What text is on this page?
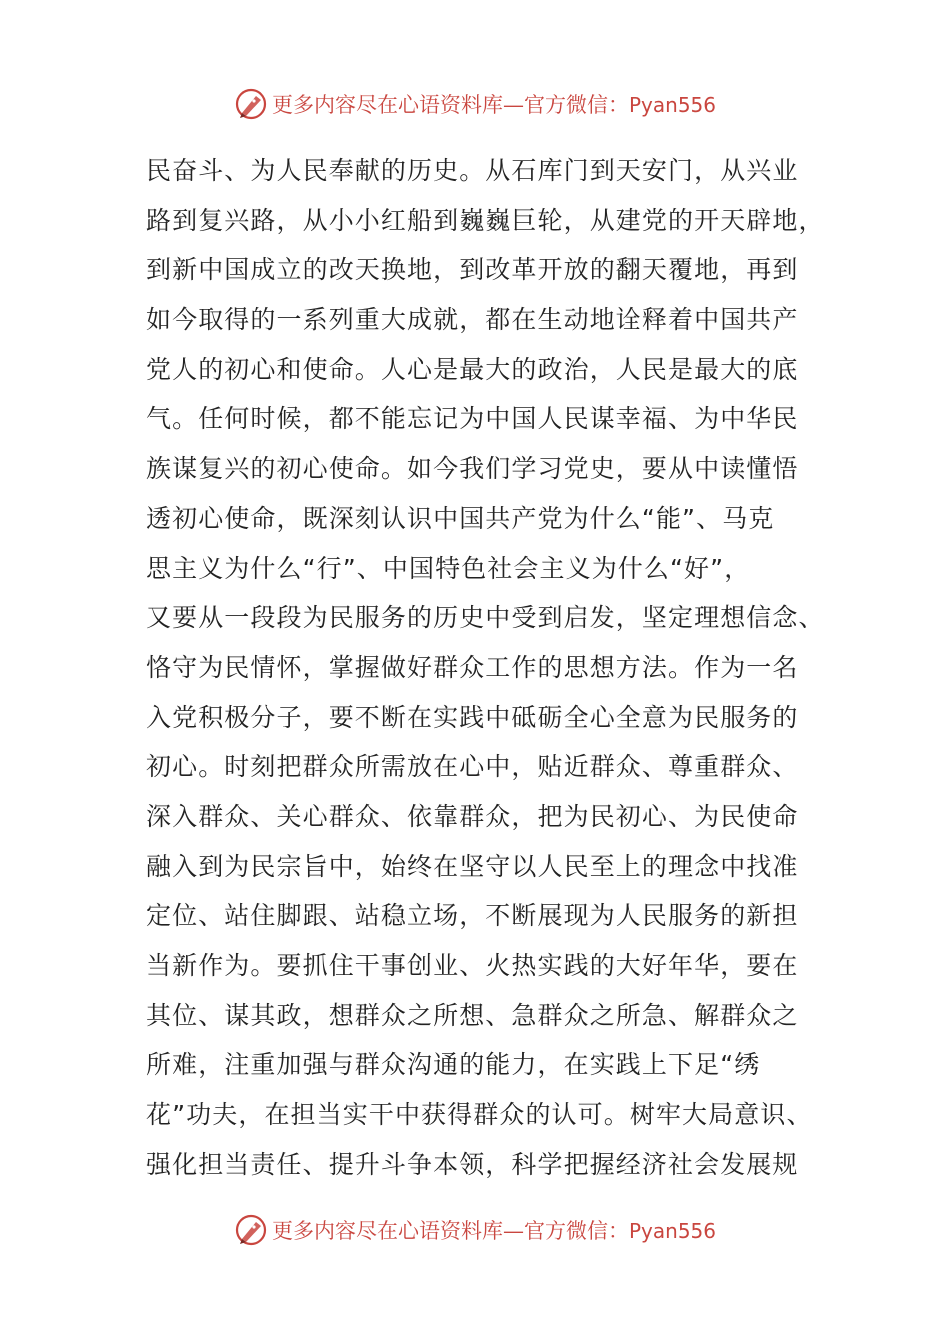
更多内容尽在心语资料库—官方微信：Pyan556
民奋斗、为人民奉献的历史。从石库门到天安门，从兴业
路到复兴路，从小小红船到巍巍巨轮，从建党的开天辟地，
到新中国成立的改天换地，到改革开放的翻天覆地，再到
如今取得的一系列重大成就，都在生动地诠释着中国共产
党人的初心和使命。人心是最大的政治，人民是最大的底
气。任何时候，都不能忘记为中国人民谋幸福、为中华民
族谋复兴的初心使命。如今我们学习党史，要从中读懂悟
透初心使命，既深刻认识中国共产党为什么“能”、马克
思主义为什么“行”、中国特色社会主义为什么“好”，
又要从一段段为民服务的历史中受到启发，坚定理想信念、
恪守为民情怀，掌握做好群众工作的思想方法。作为一名
入党积极分子，要不断在实践中砥砺全心全意为民服务的
初心。时刻把群众所需放在心中，贴近群众、尊重群众、
深入群众、关心群众、依靠群众，把为民初心、为民使命
融入到为民宗旨中，始终在坚守以人民至上的理念中找准
定位、站住脚跟、站稳立场，不断展现为人民服务的新担
当新作为。要抓住干事创业、火热实践的大好年华，要在
其位、谋其政，想群众之所想、急群众之所急、解群众之
所难，注重加强与群众沟通的能力，在实践上下足“绣
花”功夫，在担当实干中获得群众的认可。树牢大局意识、
强化担当责任、提升斗争本领，科学把握经济社会发展规
更多内容尽在心语资料库—官方微信：Pyan556
